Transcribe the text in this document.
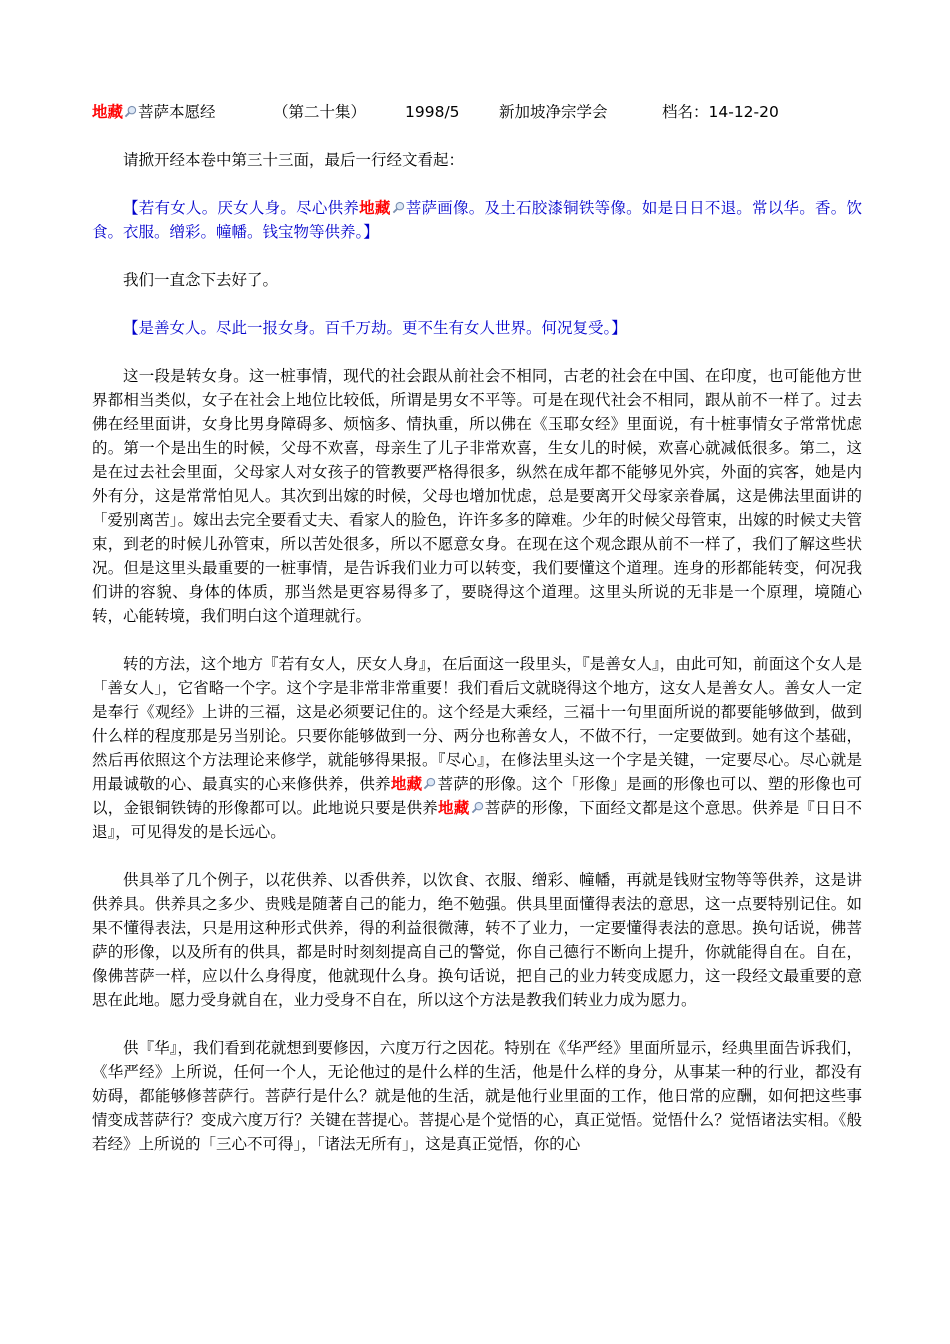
地藏 菩萨本愿经	（第二十集）	1998/5	新加坡净宗学会	档名：14-12-20

请掀开经本卷中第三十三面，最后一行经文看起：

【若有女人。厌女人身。尽心供养地藏 菩萨画像。及土石胶漆铜铁等像。如是日日不退。常以华。香。饮食。衣服。缯彩。幢幡。钱宝物等供养。】

我们一直念下去好了。

【是善女人。尽此一报女身。百千万劫。更不生有女人世界。何况复受。】

这一段是转女身。这一桩事情，现代的社会跟从前社会不相同，古老的社会在中国、在印度，也可能他方世界都相当类似，女子在社会上地位比较低，所谓是男女不平等。可是在现代社会不相同，跟从前不一样了。过去佛在经里面讲，女身比男身障碍多、烦恼多、情执重，所以佛在《玉耶女经》里面说，有十桩事情女子常常忧虑的。第一个是出生的时候，父母不欢喜，母亲生了儿子非常欢喜，生女儿的时候，欢喜心就减低很多。第二，这是在过去社会里面，父母家人对女孩子的管教要严格得很多，纵然在成年都不能够见外宾，外面的宾客，她是内外有分，这是常常怕见人。其次到出嫁的时候，父母也增加忧虑，总是要离开父母家亲眷属，这是佛法里面讲的「爱别离苦」。嫁出去完全要看丈夫、看家人的脸色，许许多多的障难。少年的时候父母管束，出嫁的时候丈夫管束，到老的时候儿孙管束，所以苦处很多，所以不愿意女身。在现在这个观念跟从前不一样了，我们了解这些状况。但是这里头最重要的一桩事情，是告诉我们业力可以转变，我们要懂这个道理。连身的形都能转变，何况我们讲的容貌、身体的体质，那当然是更容易得多了，要晓得这个道理。这里头所说的无非是一个原理，境随心转，心能转境，我们明白这个道理就行。

转的方法，这个地方『若有女人，厌女人身』，在后面这一段里头，『是善女人』，由此可知，前面这个女人是「善女人」，它省略一个字。这个字是非常非常重要！我们看后文就晓得这个地方，这女人是善女人。善女人一定是奉行《观经》上讲的三福，这是必须要记住的。这个经是大乘经，三福十一句里面所说的都要能够做到，做到什么样的程度那是另当别论。只要你能够做到一分、两分也称善女人，不做不行，一定要做到。她有这个基础，然后再依照这个方法理论来修学，就能够得果报。『尽心』，在修法里头这一个字是关键，一定要尽心。尽心就是用最诚敬的心、最真实的心来修供养，供养地藏 菩萨的形像。这个「形像」是画的形像也可以、塑的形像也可以，金银铜铁铸的形像都可以。此地说只要是供养地藏 菩萨的形像，下面经文都是这个意思。供养是『日日不退』，可见得发的是长远心。

供具举了几个例子，以花供养、以香供养，以饮食、衣服、缯彩、幢幡，再就是钱财宝物等等供养，这是讲供养具。供养具之多少、贵贱是随著自己的能力，绝不勉强。供具里面懂得表法的意思，这一点要特别记住。如果不懂得表法，只是用这种形式供养，得的利益很微薄，转不了业力，一定要懂得表法的意思。换句话说，佛菩萨的形像，以及所有的供具，都是时时刻刻提高自己的警觉，你自己德行不断向上提升，你就能得自在。自在，像佛菩萨一样，应以什么身得度，他就现什么身。换句话说，把自己的业力转变成愿力，这一段经文最重要的意思在此地。愿力受身就自在，业力受身不自在，所以这个方法是教我们转业力成为愿力。

供『华』，我们看到花就想到要修因，六度万行之因花。特别在《华严经》里面所显示，经典里面告诉我们，《华严经》上所说，任何一个人，无论他过的是什么样的生活，他是什么样的身分，从事某一种的行业，都没有妨碍，都能够修菩萨行。菩萨行是什么？就是他的生活，就是他行业里面的工作，他日常的应酬，如何把这些事情变成菩萨行？变成六度万行？关键在菩提心。菩提心是个觉悟的心，真正觉悟。觉悟什么？觉悟诸法实相。《般若经》上所说的「三心不可得」，「诸法无所有」，这是真正觉悟，你的心
